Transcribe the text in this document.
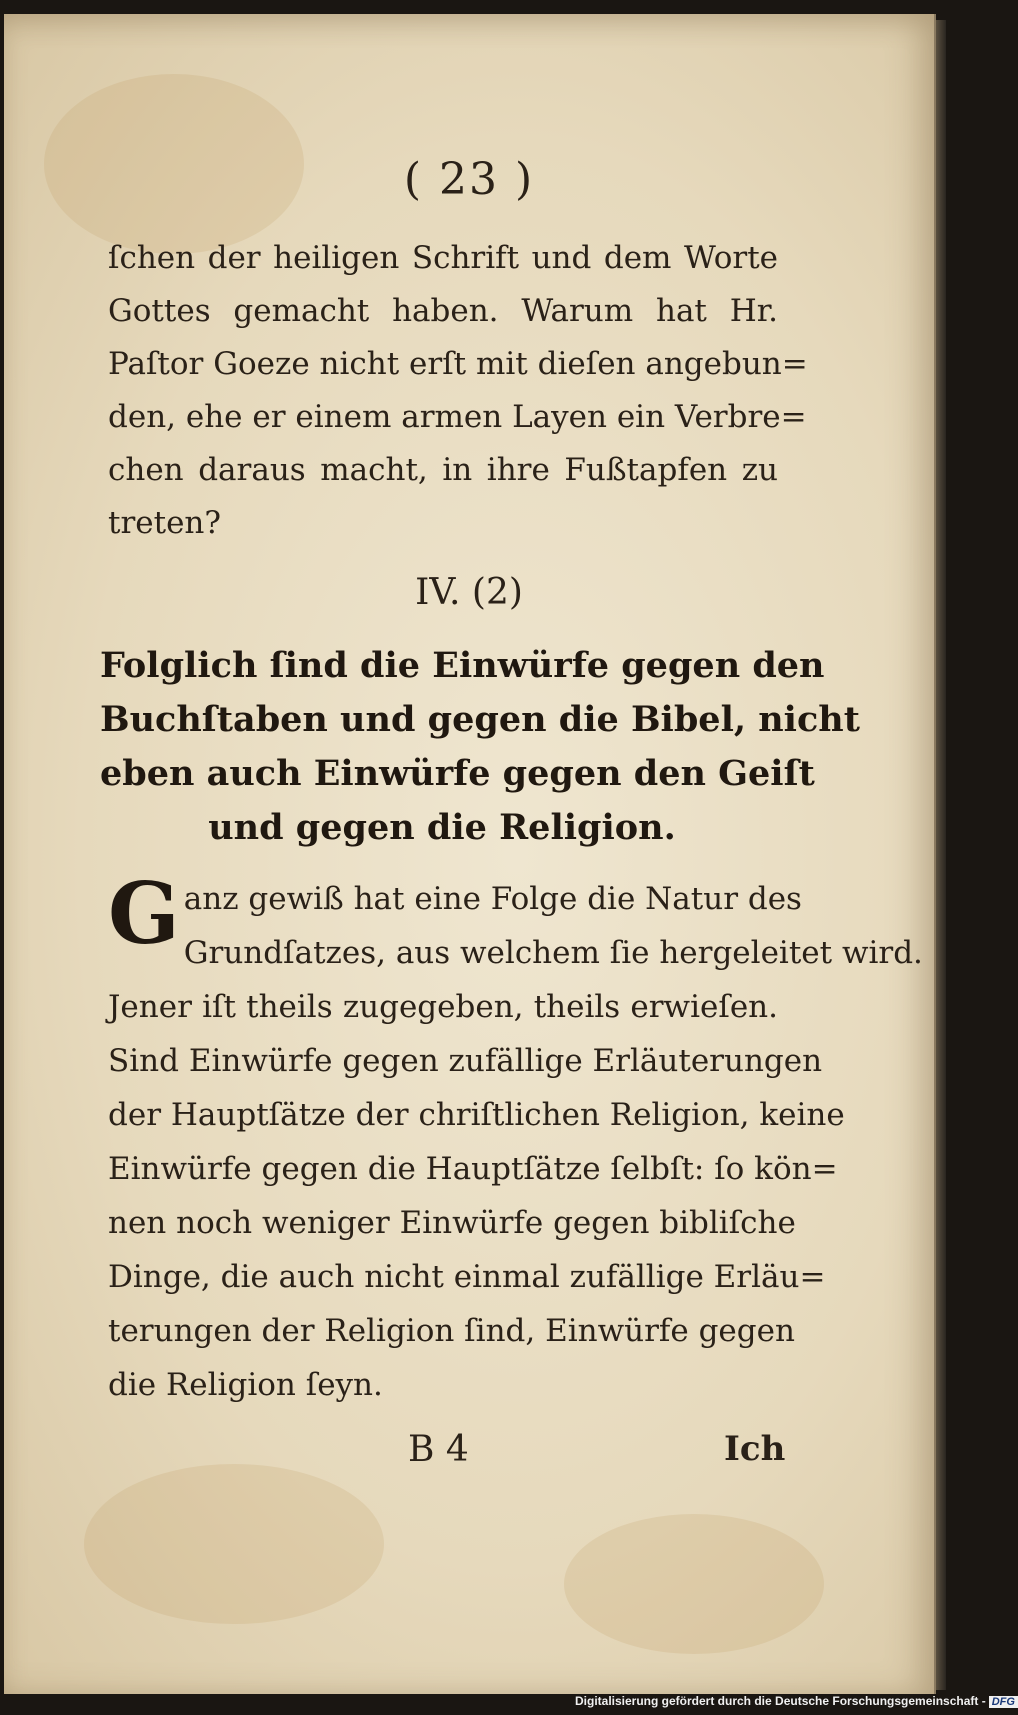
( 23 )
ſchen der heiligen Schrift und dem Worte
Gottes gemacht haben. Warum hat Hr.
Paſtor Goeze nicht erſt mit dieſen angebun=
den, ehe er einem armen Layen ein Verbre=
chen daraus macht, in ihre Fußtapfen zu
treten?
IV. (2)
Folglich ſind die Einwürfe gegen den
Buchſtaben und gegen die Bibel, nicht
eben auch Einwürfe gegen den Geiſt
und gegen die Religion.
G anz gewiß hat eine Folge die Natur des
Grundſatzes, aus welchem ſie hergeleitet wird.
Jener iſt theils zugegeben, theils erwieſen.
Sind Einwürfe gegen zufällige Erläuterungen
der Hauptſätze der chriſtlichen Religion, keine
Einwürfe gegen die Hauptſätze ſelbſt: ſo kön=
nen noch weniger Einwürfe gegen bibliſche
Dinge, die auch nicht einmal zufällige Erläu=
terungen der Religion ſind, Einwürfe gegen
die Religion ſeyn.
B 4	Ich
Digitalisierung gefördert durch die Deutsche Forschungsgemeinschaft - DFG
